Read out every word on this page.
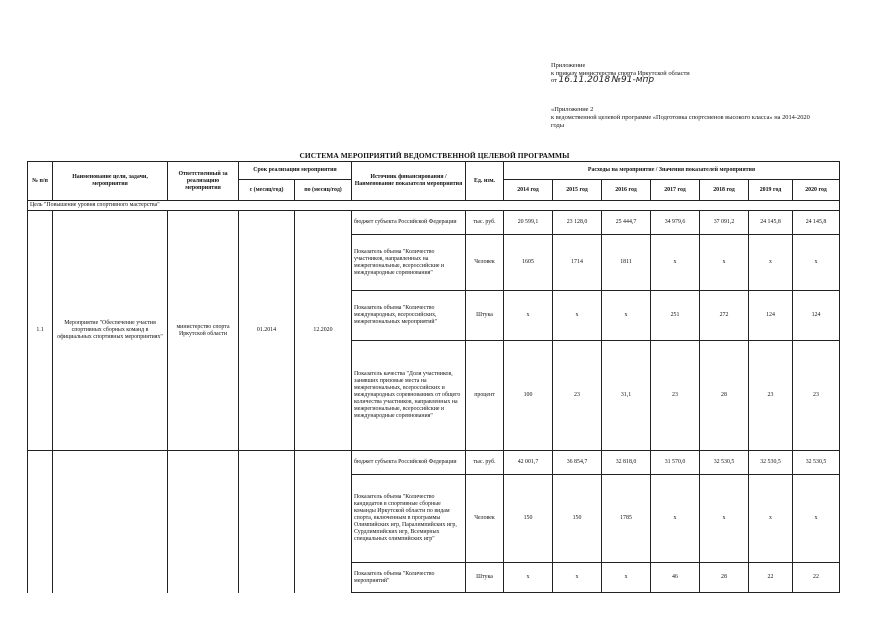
Приложение
к приказу министерства спорта Иркутской области
от 16.11.2018 №91-мпр
«Приложение 2
к ведомственной целевой программе «Подготовка спортсменов высокого класса» на 2014-2020
годы
СИСТЕМА МЕРОПРИЯТИЙ ВЕДОМСТВЕННОЙ ЦЕЛЕВОЙ ПРОГРАММЫ
№ п/п	Наименование цели, задачи, мероприятия	Ответственный за реализацию мероприятия	Срок реализации мероприятия		Источник финансирования / Наименование показателя мероприятия	Ед. изм.	Расходы на мероприятие / Значения показателей мероприятия						
			с (месяц/год)	по (месяц/год)			2014 год	2015 год	2016 год	2017 год	2018 год	2019 год	2020 год
Цель "Повышение уровня спортивного мастерства"													
1.1	Мероприятие "Обеспечение участия спортивных сборных команд в официальных спортивных мероприятиях"	министерство спорта Иркутской области	01.2014	12.2020	бюджет субъекта Российской Федерации	тыс. руб.	20 599,1	23 128,0	25 444,7	34 979,6	37 091,2	24 145,8	24 145,8
					Показатель объема "Количество участников, направленных на межрегиональные, всероссийские и международные соревнования"	Человек	1605	1714	1811	х	х	х	х
					Показатель объема "Количество международных, всероссийских, межрегиональных мероприятий"	Штука	х	х	х	251	272	124	124
					Показатель качества "Доля участников, занявших призовые места на межрегиональных, всероссийских и международных соревнованиях от общего количества участников, направленных на межрегиональные, всероссийские и международные соревнования"	процент	100	23	31,1	23	28	23	23
					бюджет субъекта Российской Федерации	тыс. руб.	42 001,7	36 854,7	32 818,0	31 570,0	32 530,5	32 530,5	32 530,5
					Показатель объема "Количество кандидатов в спортивные сборные команды Иркутской области по видам спорта, включенным в программы Олимпийских игр, Паралимпийских игр, Сурдлимпийских игр, Всемирных специальных олимпийских игр"	Человек	150	150	1785	х	х	х	х
					Показатель объема "Количество мероприятий"	Штука	х	х	х	46	28	22	22
